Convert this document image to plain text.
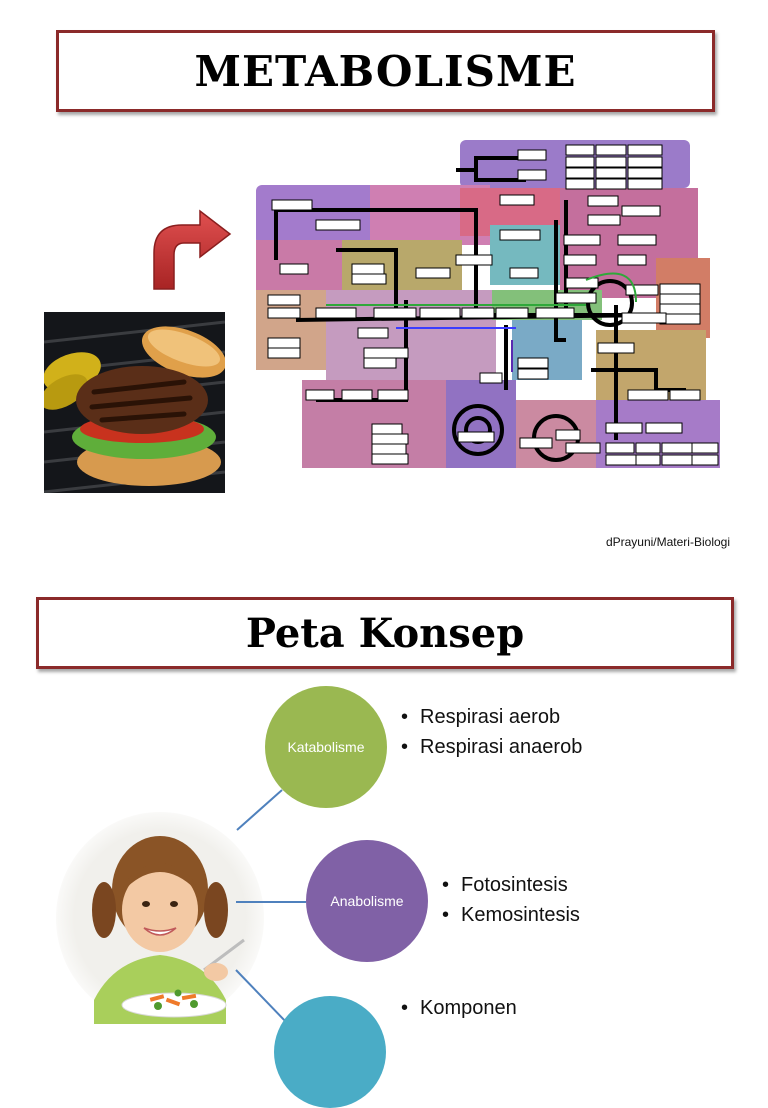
METABOLISME
dPrayuni/Materi-Biologi
Peta Konsep
Katabolisme
• Respirasi aerob
• Respirasi anaerob
Anabolisme
• Fotosintesis
• Kemosintesis
• Komponen
